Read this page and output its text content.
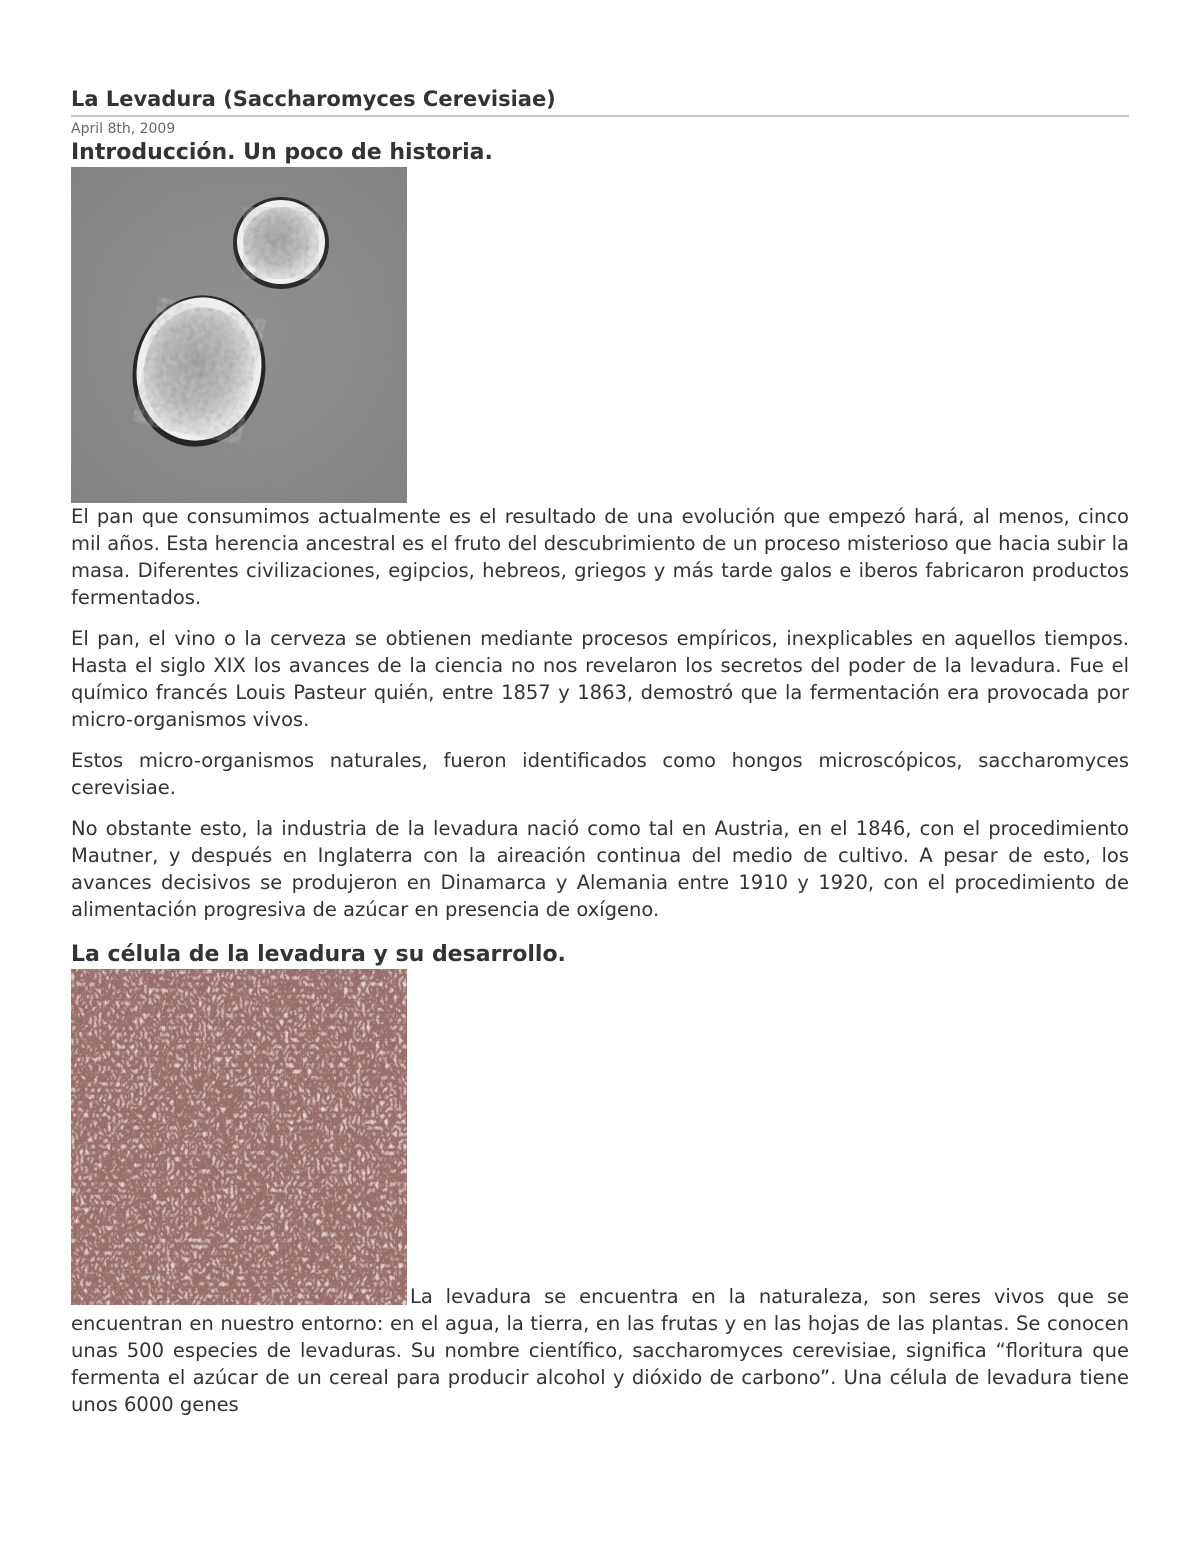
La Levadura (Saccharomyces Cerevisiae)
April 8th, 2009
Introducción. Un poco de historia.

El pan que consumimos actualmente es el resultado de una evolución que empezó hará, al menos, cinco mil años. Esta herencia ancestral es el fruto del descubrimiento de un proceso misterioso que hacia subir la masa. Diferentes civilizaciones, egipcios, hebreos, griegos y más tarde galos e iberos fabricaron productos fermentados.

El pan, el vino o la cerveza se obtienen mediante procesos empíricos, inexplicables en aquellos tiempos. Hasta el siglo XIX los avances de la ciencia no nos revelaron los secretos del poder de la levadura. Fue el químico francés Louis Pasteur quién, entre 1857 y 1863, demostró que la fermentación era provocada por micro-organismos vivos.

Estos micro-organismos naturales, fueron identificados como hongos microscópicos, saccharomyces cerevisiae.

No obstante esto, la industria de la levadura nació como tal en Austria, en el 1846, con el procedimiento Mautner, y después en Inglaterra con la aireación continua del medio de cultivo. A pesar de esto, los avances decisivos se produjeron en Dinamarca y Alemania entre 1910 y 1920, con el procedimiento de alimentación progresiva de azúcar en presencia de oxígeno.

La célula de la levadura y su desarrollo.

La levadura se encuentra en la naturaleza, son seres vivos que se encuentran en nuestro entorno: en el agua, la tierra, en las frutas y en las hojas de las plantas. Se conocen unas 500 especies de levaduras. Su nombre científico, saccharomyces cerevisiae, significa “floritura que fermenta el azúcar de un cereal para producir alcohol y dióxido de carbono”. Una célula de levadura tiene unos 6000 genes
